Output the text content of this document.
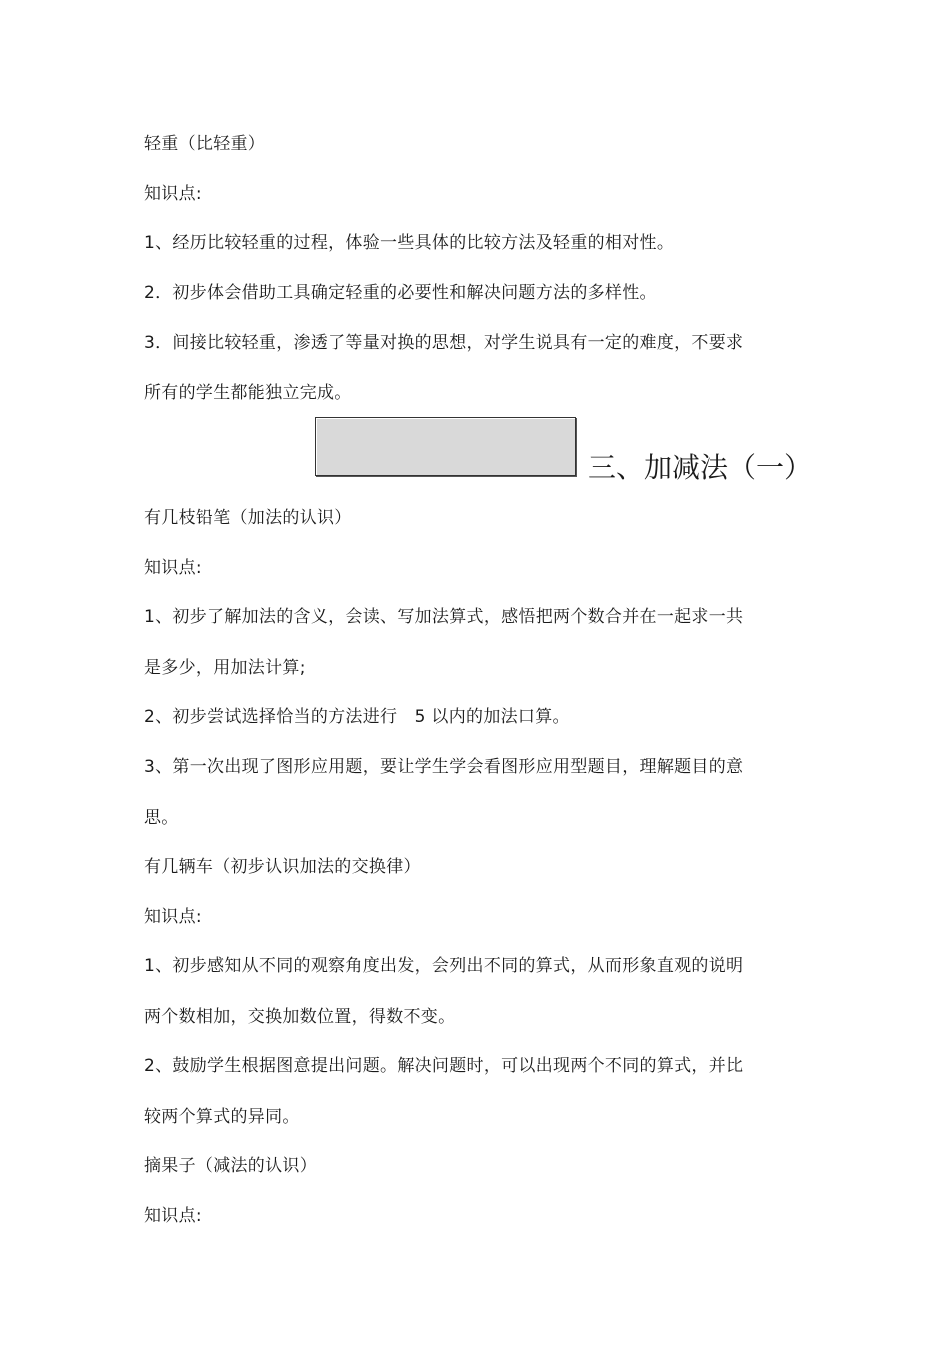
轻重（比轻重）
知识点:
1、经历比较轻重的过程，体验一些具体的比较方法及轻重的相对性。
2．初步体会借助工具确定轻重的必要性和解决问题方法的多样性。
3．间接比较轻重，渗透了等量对换的思想，对学生说具有一定的难度，不要求
所有的学生都能独立完成。
三、加减法（一）
有几枝铅笔（加法的认识）
知识点:
1、初步了解加法的含义，会读、写加法算式，感悟把两个数合并在一起求一共
是多少，用加法计算;
2、初步尝试选择恰当的方法进行　5 以内的加法口算。
3、第一次出现了图形应用题，要让学生学会看图形应用型题目，理解题目的意
思。
有几辆车（初步认识加法的交换律）
知识点:
1、初步感知从不同的观察角度出发，会列出不同的算式，从而形象直观的说明
两个数相加，交换加数位置，得数不变。
2、鼓励学生根据图意提出问题。解决问题时，可以出现两个不同的算式，并比
较两个算式的异同。
摘果子（减法的认识）
知识点:
